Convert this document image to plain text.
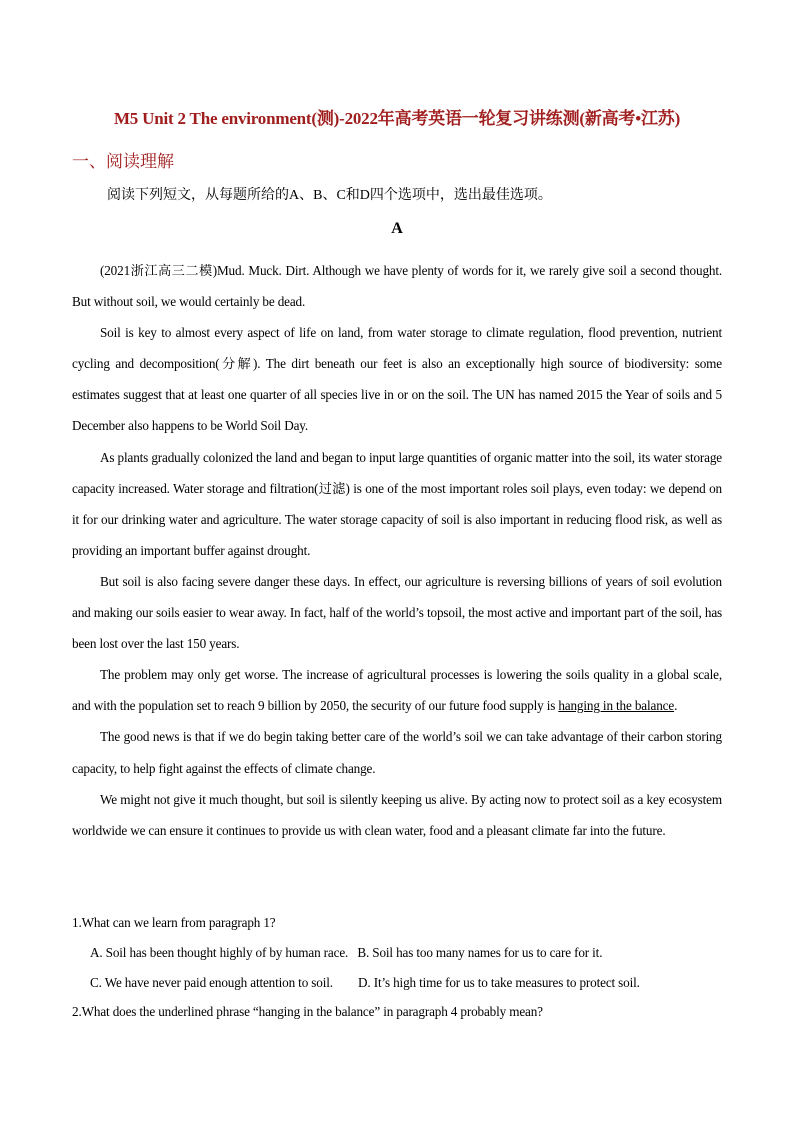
M5 Unit 2 The environment(测)-2022年高考英语一轮复习讲练测(新高考•江苏)
一、阅读理解
阅读下列短文，从每题所给的A、B、C和D四个选项中，选出最佳选项。
A

(2021浙江高三二模)Mud. Muck. Dirt. Although we have plenty of words for it, we rarely give soil a second thought. But without soil, we would certainly be dead.

Soil is key to almost every aspect of life on land, from water storage to climate regulation, flood prevention, nutrient cycling and decomposition(分解). The dirt beneath our feet is also an exceptionally high source of biodiversity: some estimates suggest that at least one quarter of all species live in or on the soil. The UN has named 2015 the Year of soils and 5 December also happens to be World Soil Day.

As plants gradually colonized the land and began to input large quantities of organic matter into the soil, its water storage capacity increased. Water storage and filtration(过滤) is one of the most important roles soil plays, even today: we depend on it for our drinking water and agriculture. The water storage capacity of soil is also important in reducing flood risk, as well as providing an important buffer against drought.

But soil is also facing severe danger these days. In effect, our agriculture is reversing billions of years of soil evolution and making our soils easier to wear away. In fact, half of the world’s topsoil, the most active and important part of the soil, has been lost over the last 150 years.

The problem may only get worse. The increase of agricultural processes is lowering the soils quality in a global scale, and with the population set to reach 9 billion by 2050, the security of our future food supply is hanging in the balance.

The good news is that if we do begin taking better care of the world’s soil we can take advantage of their carbon storing capacity, to help fight against the effects of climate change.

We might not give it much thought, but soil is silently keeping us alive. By acting now to protect soil as a key ecosystem worldwide we can ensure it continues to provide us with clean water, food and a pleasant climate far into the future.

1.What can we learn from paragraph 1?
A. Soil has been thought highly of by human race. B. Soil has too many names for us to care for it.
C. We have never paid enough attention to soil. D. It’s high time for us to take measures to protect soil.
2.What does the underlined phrase “hanging in the balance” in paragraph 4 probably mean?
